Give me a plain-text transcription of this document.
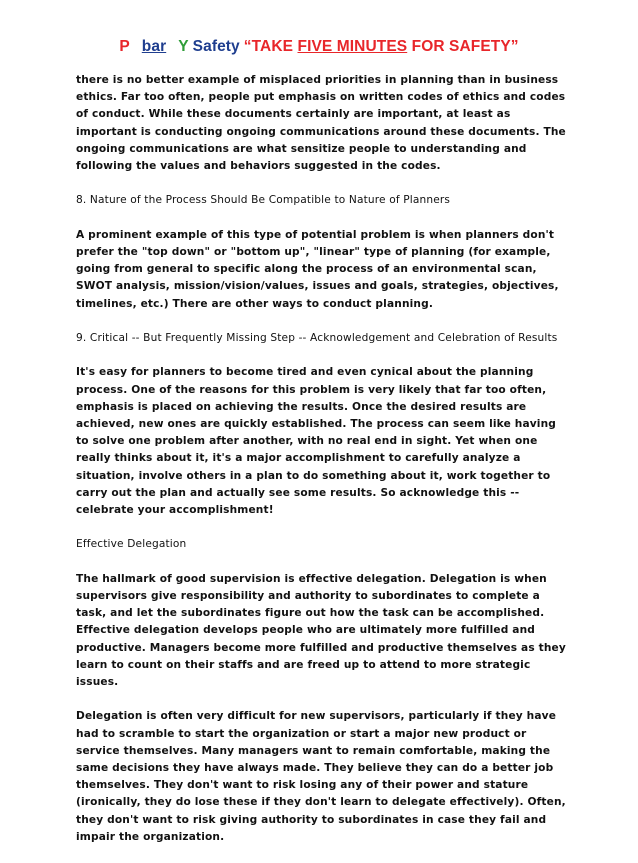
P bar Y Safety “TAKE FIVE MINUTES FOR SAFETY”

there is no better example of misplaced priorities in planning than in business ethics. Far too often, people put emphasis on written codes of ethics and codes of conduct. While these documents certainly are important, at least as important is conducting ongoing communications around these documents. The ongoing communications are what sensitize people to understanding and following the values and behaviors suggested in the codes.

8. Nature of the Process Should Be Compatible to Nature of Planners

A prominent example of this type of potential problem is when planners don't prefer the "top down" or "bottom up", "linear" type of planning (for example, going from general to specific along the process of an environmental scan, SWOT analysis, mission/vision/values, issues and goals, strategies, objectives, timelines, etc.) There are other ways to conduct planning.

9. Critical -- But Frequently Missing Step -- Acknowledgement and Celebration of Results

It's easy for planners to become tired and even cynical about the planning process. One of the reasons for this problem is very likely that far too often, emphasis is placed on achieving the results. Once the desired results are achieved, new ones are quickly established. The process can seem like having to solve one problem after another, with no real end in sight. Yet when one really thinks about it, it's a major accomplishment to carefully analyze a situation, involve others in a plan to do something about it, work together to carry out the plan and actually see some results. So acknowledge this -- celebrate your accomplishment!

Effective Delegation

The hallmark of good supervision is effective delegation. Delegation is when supervisors give responsibility and authority to subordinates to complete a task, and let the subordinates figure out how the task can be accomplished. Effective delegation develops people who are ultimately more fulfilled and productive. Managers become more fulfilled and productive themselves as they learn to count on their staffs and are freed up to attend to more strategic issues.

Delegation is often very difficult for new supervisors, particularly if they have had to scramble to start the organization or start a major new product or service themselves. Many managers want to remain comfortable, making the same decisions they have always made. They believe they can do a better job themselves. They don't want to risk losing any of their power and stature (ironically, they do lose these if they don't learn to delegate effectively). Often, they don't want to risk giving authority to subordinates in case they fail and impair the organization.
